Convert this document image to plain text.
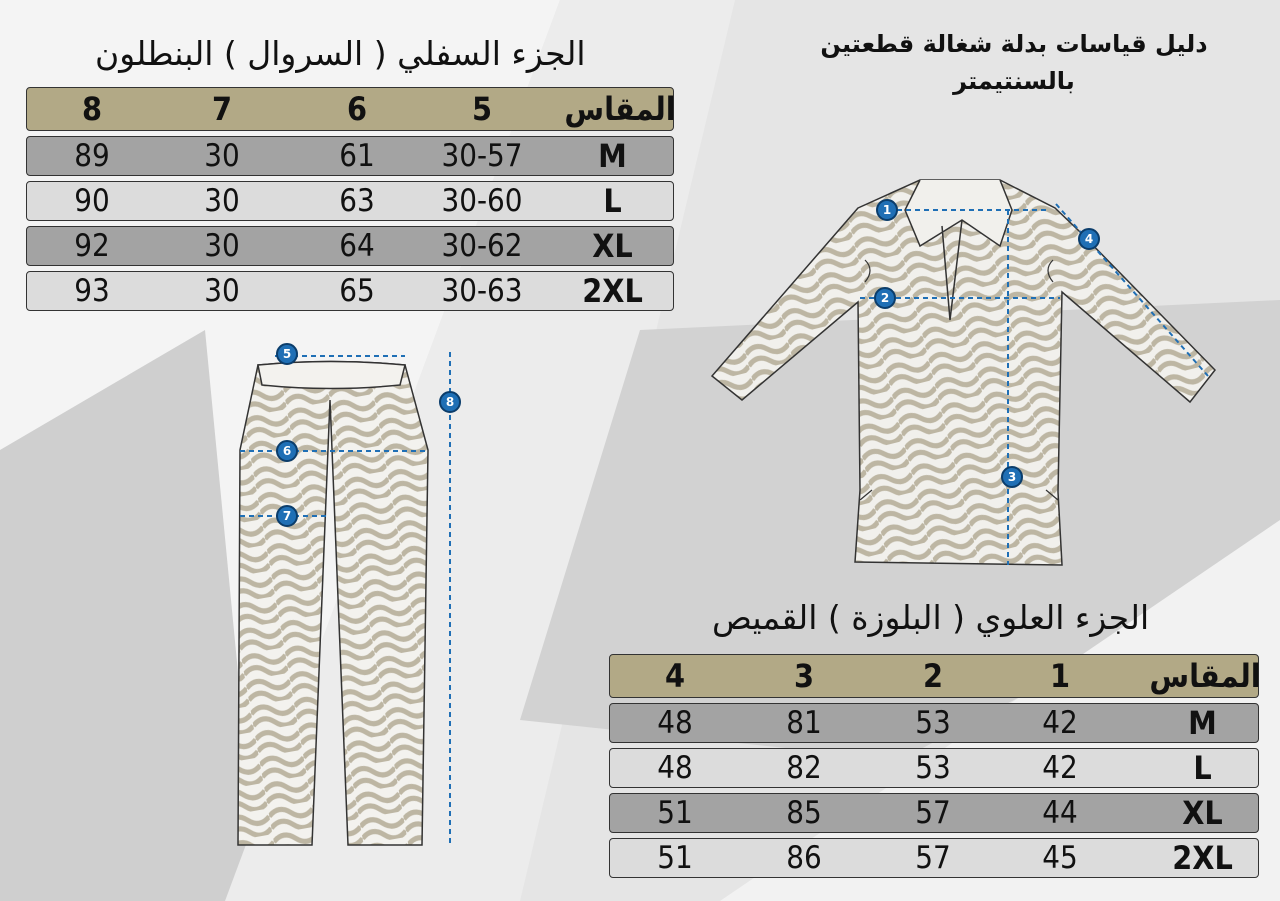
دليل قياسات بدلة شغالة قطعتين
بالسنتيمتر
الجزء السفلي ( السروال ) البنطلون
المقاس
5
6
7
8
M
30-57
61
30
89
L
30-60
63
30
90
XL
30-62
64
30
92
2XL
30-63
65
30
93
1
2
3
4
5
6
7
8
الجزء العلوي ( البلوزة ) القميص
المقاس
1
2
3
4
M
42
53
81
48
L
42
53
82
48
XL
44
57
85
51
2XL
45
57
86
51
